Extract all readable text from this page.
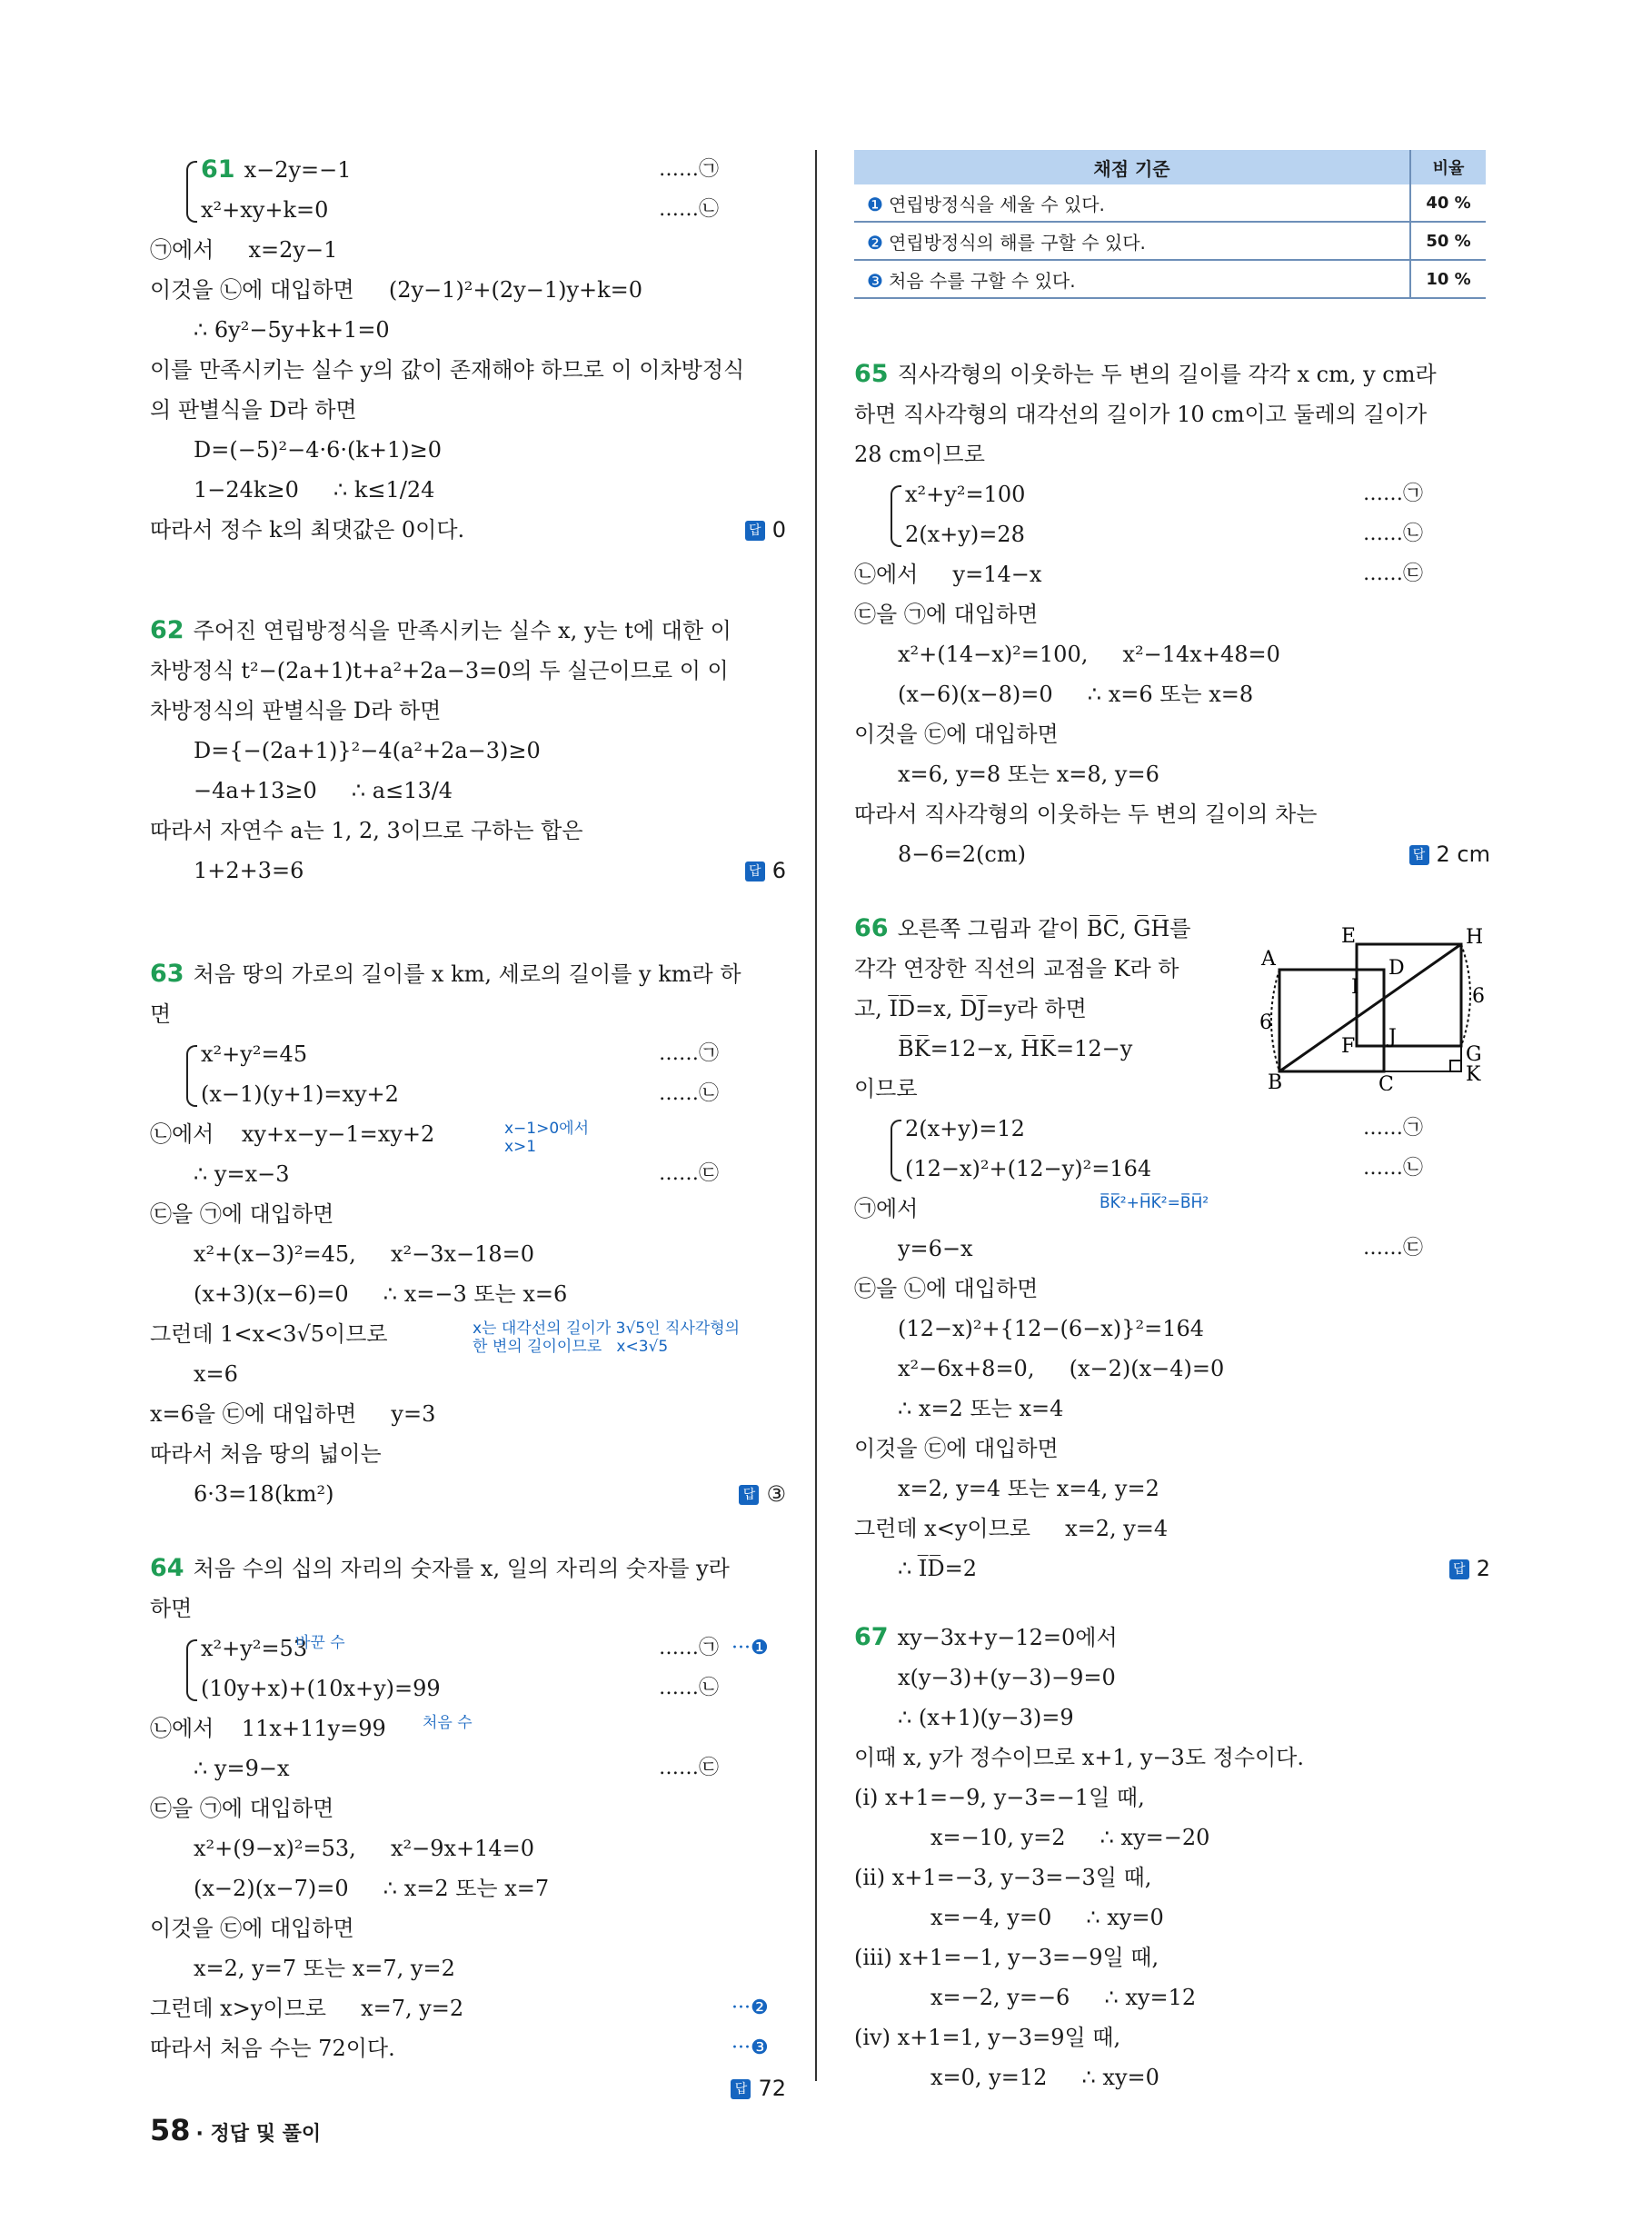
채점 기준	비율
❶ 연립방정식을 세울 수 있다.	40 %
❷ 연립방정식의 해를 구할 수 있다.	50 %
❸ 처음 수를 구할 수 있다.	10 %
61 x−2y=−1	……㉠
x²+xy+k=0	……㉡
㉠에서     x=2y−1
이것을 ㉡에 대입하면     (2y−1)²+(2y−1)y+k=0
∴ 6y²−5y+k+1=0
이를 만족시키는 실수 y의 값이 존재해야 하므로 이 이차방정식
의 판별식을 D라 하면
D=(−5)²−4·6·(k+1)≥0
1−24k≥0     ∴ k≤1/24
따라서 정수 k의 최댓값은 0이다.	답 0
62 주어진 연립방정식을 만족시키는 실수 x, y는 t에 대한 이
차방정식 t²−(2a+1)t+a²+2a−3=0의 두 실근이므로 이 이
차방정식의 판별식을 D라 하면
D={−(2a+1)}²−4(a²+2a−3)≥0
−4a+13≥0     ∴ a≤13/4
따라서 자연수 a는 1, 2, 3이므로 구하는 합은
1+2+3=6	답 6
63 처음 땅의 가로의 길이를 x km, 세로의 길이를 y km라 하
면
x²+y²=45	……㉠
(x−1)(y+1)=xy+2	……㉡
㉡에서    xy+x−y−1=xy+2	x−1>0에서
x>1
∴ y=x−3	……㉢
㉢을 ㉠에 대입하면
x²+(x−3)²=45,     x²−3x−18=0
(x+3)(x−6)=0     ∴ x=−3 또는 x=6
그런데 1<x<3√5이므로	x는 대각선의 길이가 3√5인 직사각형의
한 변의 길이이므로   x<3√5
x=6
x=6을 ㉢에 대입하면     y=3
따라서 처음 땅의 넓이는
6·3=18(km²)	답 ③
64 처음 수의 십의 자리의 숫자를 x, 일의 자리의 숫자를 y라
하면
x²+y²=53	……㉠ ···❶
바꾼 수
(10y+x)+(10x+y)=99	……㉡
㉡에서    11x+11y=99 처음 수
∴ y=9−x	……㉢
㉢을 ㉠에 대입하면
x²+(9−x)²=53,     x²−9x+14=0
(x−2)(x−7)=0     ∴ x=2 또는 x=7
이것을 ㉢에 대입하면
x=2, y=7 또는 x=7, y=2
그런데 x>y이므로     x=7, y=2	···❷
따라서 처음 수는 72이다.	···❸
답 72
65 직사각형의 이웃하는 두 변의 길이를 각각 x cm, y cm라
하면 직사각형의 대각선의 길이가 10 cm이고 둘레의 길이가
28 cm이므로
x²+y²=100	……㉠
2(x+y)=28	……㉡
㉡에서     y=14−x	……㉢
㉢을 ㉠에 대입하면
x²+(14−x)²=100,     x²−14x+48=0
(x−6)(x−8)=0     ∴ x=6 또는 x=8
이것을 ㉢에 대입하면
x=6, y=8 또는 x=8, y=6
따라서 직사각형의 이웃하는 두 변의 길이의 차는
8−6=2(cm)	답 2 cm
66 오른쪽 그림과 같이 B̅C̅, G̅H̅를
각각 연장한 직선의 교점을 K라 하
고, I̅D̅=x, D̅J̅=y라 하면
B̅K̅=12−x, H̅K̅=12−y
이므로
2(x+y)=12	……㉠
(12−x)²+(12−y)²=164	……㉡
㉠에서	B̅K̅²+H̅K̅²=B̅H̅²
y=6−x	……㉢
㉢을 ㉡에 대입하면
(12−x)²+{12−(6−x)}²=164
x²−6x+8=0,     (x−2)(x−4)=0
∴ x=2 또는 x=4
이것을 ㉢에 대입하면
x=2, y=4 또는 x=4, y=2
그런데 x<y이므로     x=2, y=4
∴ I̅D̅=2	답 2
67 xy−3x+y−12=0에서
x(y−3)+(y−3)−9=0
∴ (x+1)(y−3)=9
이때 x, y가 정수이므로 x+1, y−3도 정수이다.
(i) x+1=−9, y−3=−1일 때,
x=−10, y=2     ∴ xy=−20
(ii) x+1=−3, y−3=−3일 때,
x=−4, y=0     ∴ xy=0
(iii) x+1=−1, y−3=−9일 때,
x=−2, y=−6     ∴ xy=12
(iv) x+1=1, y−3=9일 때,
x=0, y=12     ∴ xy=0
A
B	C
D
E
F	G
H
I
J
K
6
6
58 · 정답 및 풀이
